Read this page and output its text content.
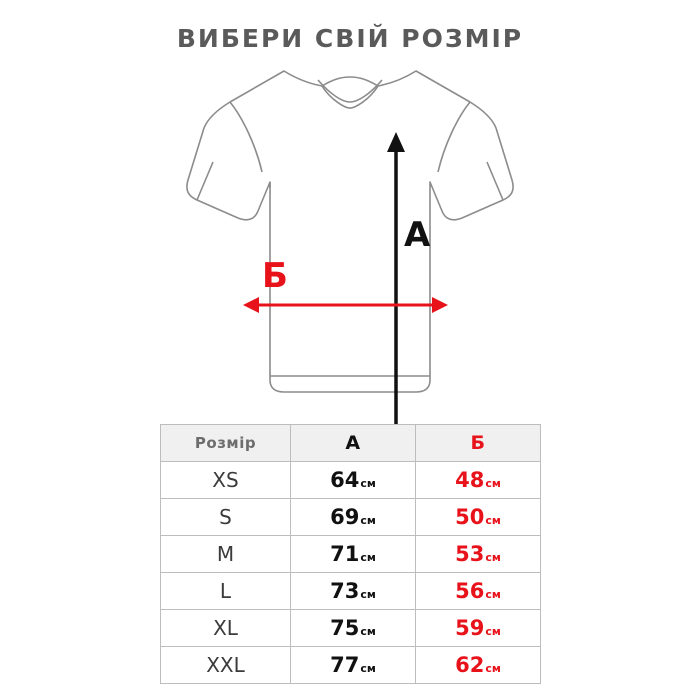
ВИБЕРИ СВІЙ РОЗМІР
А
Б
Розмір	А	Б
XS	64см	48см
S	69см	50см
M	71см	53см
L	73см	56см
XL	75см	59см
XXL	77см	62см
